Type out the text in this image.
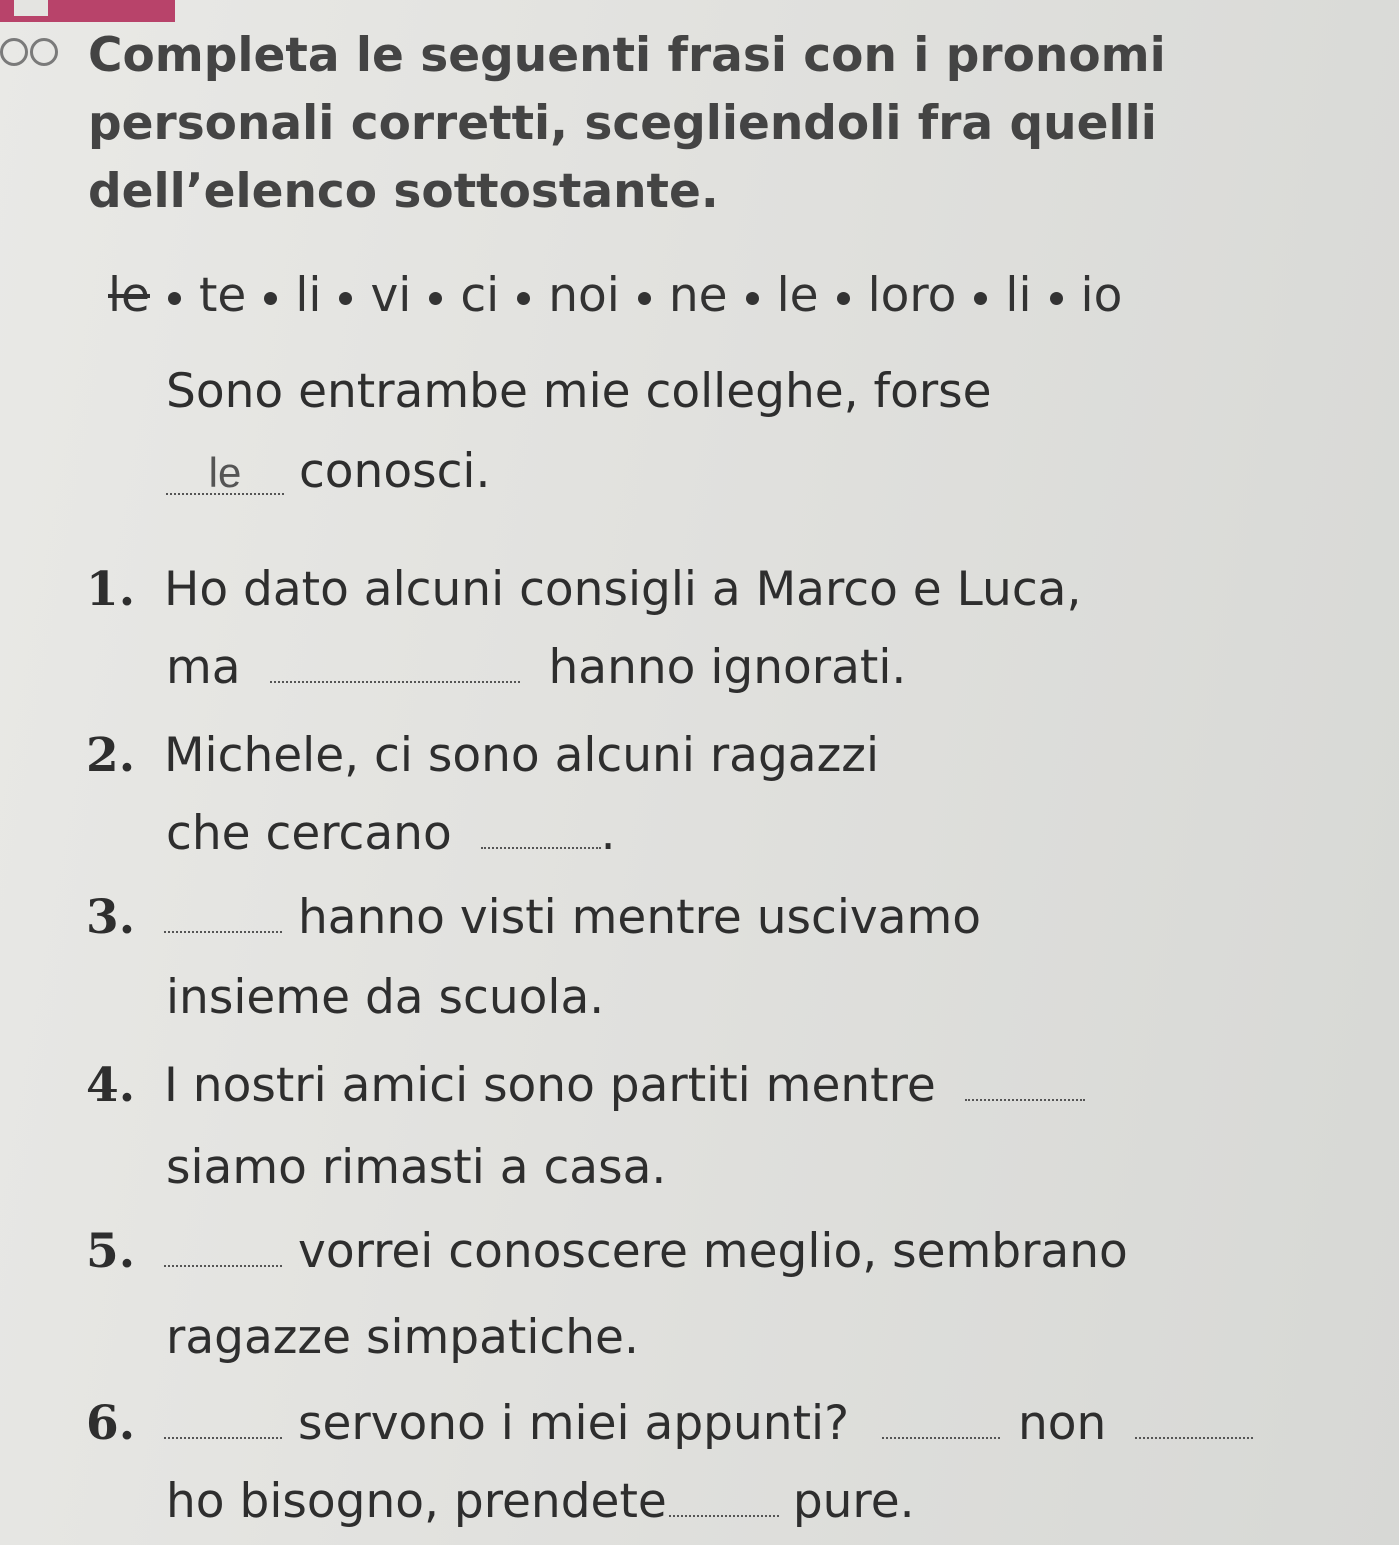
Completa le seguenti frasi con i pronomi personali corretti, scegliendoli fra quelli dell’elenco sottostante.
le te li vi ci noi ne le loro li io
Sono entrambe mie colleghe, forse
le conosci.
1. Ho dato alcuni consigli a Marco e Luca,
ma	hanno ignorati.
2. Michele, ci sono alcuni ragazzi
che cercano	.
3.	hanno visti mentre uscivamo
insieme da scuola.
4. I nostri amici sono partiti mentre
siamo rimasti a casa.
5.	vorrei conoscere meglio, sembrano
ragazze simpatiche.
6.	servono i miei appunti?	non
ho bisogno, prendete	pure.
